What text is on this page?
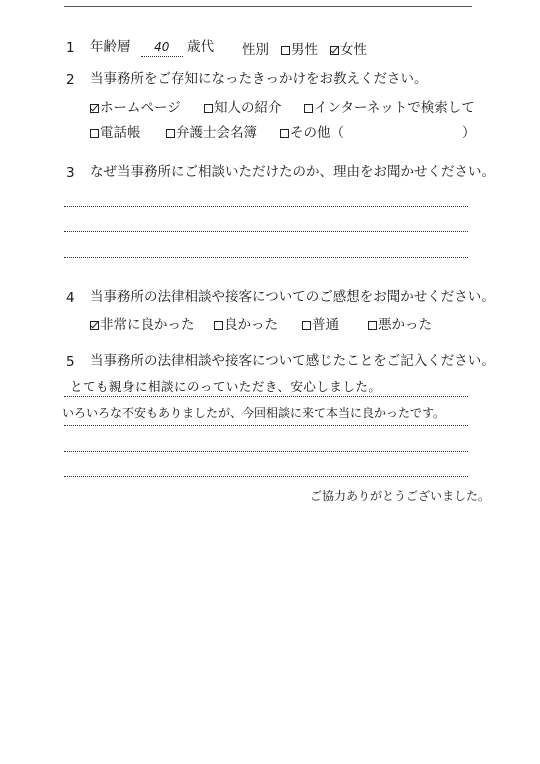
1 年齢層 40 歳代 性別	男性	女性
2 当事務所をご存知になったきっかけをお教えください。
ホームページ	知人の紹介	インターネットで検索して
電話帳	弁護士会名簿	その他（	）
3 なぜ当事務所にご相談いただけたのか、理由をお聞かせください。
4 当事務所の法律相談や接客についてのご感想をお聞かせください。
非常に良かった	良かった	普通	悪かった
5 当事務所の法律相談や接客について感じたことをご記入ください。
とても親身に相談にのっていただき、安心しました。
いろいろな不安もありましたが、今回相談に来て本当に良かったです。
ご協力ありがとうございました。
